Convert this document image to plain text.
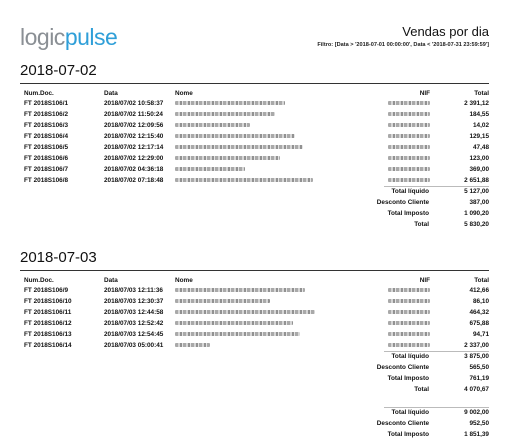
logicpulse	Vendas por dia
Filtro: [Data > '2018-07-01 00:00:00', Data < '2018-07-31 23:59:59']
2018-07-02
Num.Doc.	Data	Nome	NIF	Total
FT 2018S106/1	2018/07/02 10:58:37	2 391,12
FT 2018S106/2	2018/07/02 11:50:24	184,55
FT 2018S106/3	2018/07/02 12:09:56	14,02
FT 2018S106/4	2018/07/02 12:15:40	129,15
FT 2018S106/5	2018/07/02 12:17:14	47,48
FT 2018S106/6	2018/07/02 12:29:00	123,00
FT 2018S106/7	2018/07/02 04:36:18	369,00
FT 2018S106/8	2018/07/02 07:18:48	2 651,88
Total líquido	5 127,00
Desconto Cliente	387,00
Total Imposto	1 090,20
Total	5 830,20
2018-07-03
Num.Doc.	Data	Nome	NIF	Total
FT 2018S106/9	2018/07/03 12:11:36	412,66
FT 2018S106/10	2018/07/03 12:30:37	86,10
FT 2018S106/11	2018/07/03 12:44:58	464,32
FT 2018S106/12	2018/07/03 12:52:42	675,88
FT 2018S106/13	2018/07/03 12:54:45	94,71
FT 2018S106/14	2018/07/03 05:00:41	2 337,00
Total líquido	3 875,00
Desconto Cliente	565,50
Total Imposto	761,19
Total	4 070,67
Total líquido	9 002,00
Desconto Cliente	952,50
Total Imposto	1 851,39
